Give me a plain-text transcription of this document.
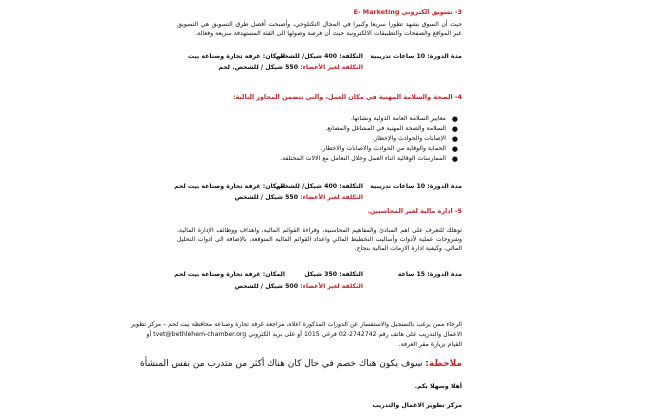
3- تسويق الكتروني E- Marketing
حيث أن السوق يشهد تطورا سريعا وكبيرا في المجال التكنلوجي، وأصبحت أفضل طرق التسويق هي التسويق عبر المواقع والصفحات والتطبيقات الالكترونية حيث أن فرصة وصولها الى الفئة المستهدفة سريعة وفعالة.
مدة الدورة: 10 ساعات تدريبية
التكلفة: 400 شيكل/ للشخص
المكان: غرفة تجارة وصناعة بيت
لحم	التكلفة لغير الأعضاء: 550 شيكل / للشخص.
4- الصحة والسلامة المهنية في مكان العمل، والتي تتضمن المحاور التالية:
●
معايير السلامة العامة الدولية ونشاتها.
●
السلامة والصحة المهنية في المشاغل والمصانع.
●
الإصابات والحوادث والإخطار.
●
الحماية والوقاية من الحوادث والاصابات والاخطار.
●
الممارسات الوقائية اثناء العمل وخلال التعامل مع الالات المختلفة.
مدة الدورة: 10 ساعات تدريبية
التكلفة: 400 شيكل/ للشخص
المكان: غرفة تجارة وصناعة بيت لحم
التكلفة لغير الأعضاء: 550 شيكل / للشخص
5- ادارة مالية لغير المحاسبين.
توهلك للتعرف على اهم المبادئ والمفاهيم المحاسبية، وقراءة القوائم المالية، واهداف ووظائف الإدارة المالية، وشروحات عملية لأدوات وأساليب التخطيط المالي واعداد القوائم المالية المتوقعة، بالإضافة الى ادوات التحليل المالي، وكيفية ادارة الازمات المالية بنجاح.
مدة الدورة: 15 ساعة
التكلفة: 350 شيكل
المكان: غرفة تجارة وصناعة بيت لحم
التكلفة لغير الأعضاء: 500 شيكل / للشخص
الرجاء ممن يرغب بالتسجيل والاستفسار عن الدورات المذكورة اعلاه، مراجعة غرفة تجارة وصناعة محافظة بيت لحم – مركز تطوير
الاعمال والتدريب على هاتف رقم 2742742-02 فرعي 1015 أو على بريد الكتروني tvet@bethlehem-chamber.org أو
القيام بزيارة مقر الغرفة.
ملاحظة: سوف يكون هناك خصم في حال كان هناك أكثر من متدرب من نفس المنشأة
أهلا وسهلا بكم.
مركز تطوير الاعمال والتدريب
